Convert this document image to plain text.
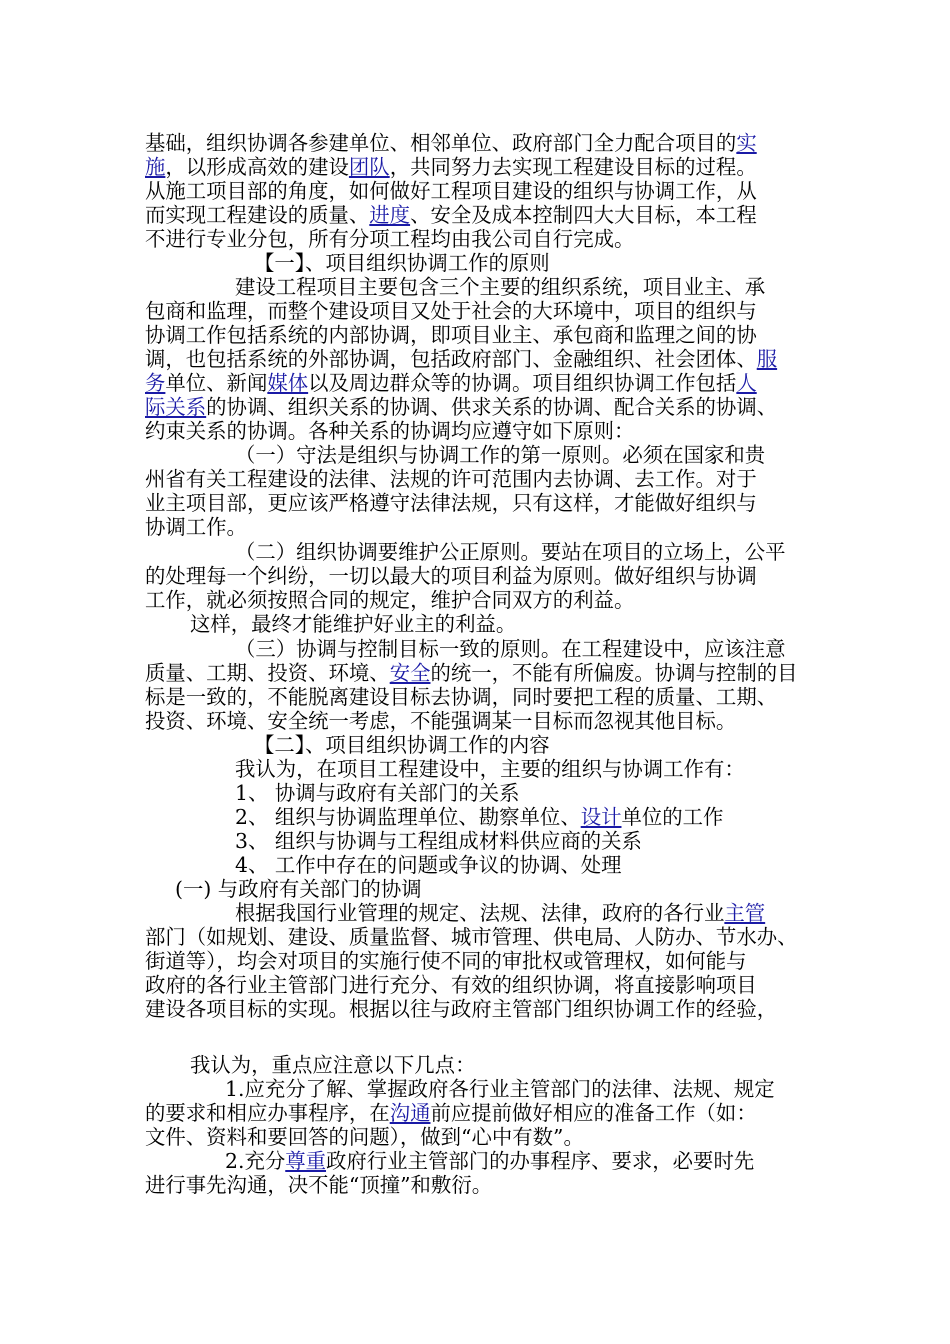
基础，组织协调各参建单位、相邻单位、政府部门全力配合项目的实
施，以形成高效的建设团队，共同努力去实现工程建设目标的过程。
从施工项目部的角度，如何做好工程项目建设的组织与协调工作，从
而实现工程建设的质量、进度、安全及成本控制四大大目标，本工程
不进行专业分包，所有分项工程均由我公司自行完成。
【一】、项目组织协调工作的原则
建设工程项目主要包含三个主要的组织系统，项目业主、承
包商和监理，而整个建设项目又处于社会的大环境中，项目的组织与
协调工作包括系统的内部协调，即项目业主、承包商和监理之间的协
调，也包括系统的外部协调，包括政府部门、金融组织、社会团体、服
务单位、新闻媒体以及周边群众等的协调。项目组织协调工作包括人
际关系的协调、组织关系的协调、供求关系的协调、配合关系的协调、
约束关系的协调。各种关系的协调均应遵守如下原则：
（一）守法是组织与协调工作的第一原则。必须在国家和贵
州省有关工程建设的法律、法规的许可范围内去协调、去工作。对于
业主项目部，更应该严格遵守法律法规，只有这样，才能做好组织与
协调工作。
（二）组织协调要维护公正原则。要站在项目的立场上，公平
的处理每一个纠纷，一切以最大的项目利益为原则。做好组织与协调
工作，就必须按照合同的规定，维护合同双方的利益。
这样，最终才能维护好业主的利益。
（三）协调与控制目标一致的原则。在工程建设中，应该注意
质量、工期、投资、环境、安全的统一，不能有所偏废。协调与控制的目
标是一致的，不能脱离建设目标去协调，同时要把工程的质量、工期、
投资、环境、安全统一考虑，不能强调某一目标而忽视其他目标。
【二】、项目组织协调工作的内容
我认为，在项目工程建设中，主要的组织与协调工作有：
1、 协调与政府有关部门的关系
2、 组织与协调监理单位、勘察单位、设计单位的工作
3、 组织与协调与工程组成材料供应商的关系
4、 工作中存在的问题或争议的协调、处理
(一) 与政府有关部门的协调
根据我国行业管理的规定、法规、法律，政府的各行业主管
部门（如规划、建设、质量监督、城市管理、供电局、人防办、节水办、
街道等），均会对项目的实施行使不同的审批权或管理权，如何能与
政府的各行业主管部门进行充分、有效的组织协调，将直接影响项目
建设各项目标的实现。根据以往与政府主管部门组织协调工作的经验，
我认为，重点应注意以下几点：
1.应充分了解、掌握政府各行业主管部门的法律、法规、规定
的要求和相应办事程序，在沟通前应提前做好相应的准备工作（如：
文件、资料和要回答的问题），做到“心中有数”。
2.充分尊重政府行业主管部门的办事程序、要求，必要时先
进行事先沟通，决不能“顶撞”和敷衍。
